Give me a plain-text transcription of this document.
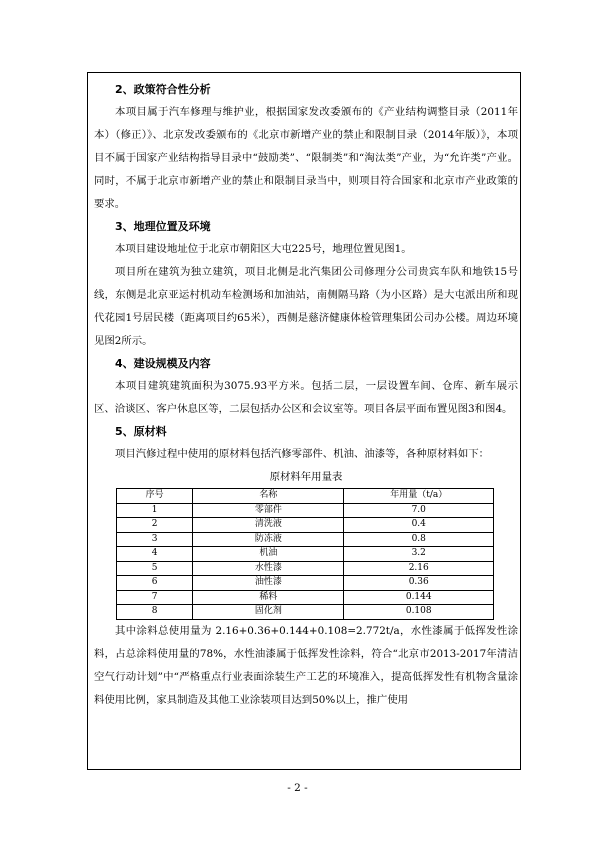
2、政策符合性分析

本项目属于汽车修理与维护业，根据国家发改委颁布的《产业结构调整目录（2011年本）（修正）》、北京发改委颁布的《北京市新增产业的禁止和限制目录（2014年版）》，本项目不属于国家产业结构指导目录中“鼓励类”、“限制类”和“淘汰类”产业，为“允许类”产业。同时，不属于北京市新增产业的禁止和限制目录当中，则项目符合国家和北京市产业政策的要求。

3、地理位置及环境

本项目建设地址位于北京市朝阳区大屯225号，地理位置见图1。

项目所在建筑为独立建筑，项目北侧是北汽集团公司修理分公司贵宾车队和地铁15号线，东侧是北京亚运村机动车检测场和加油站，南侧隔马路（为小区路）是大屯派出所和现代花园1号居民楼（距离项目约65米），西侧是慈济健康体检管理集团公司办公楼。周边环境见图2所示。

4、建设规模及内容

本项目建筑建筑面积为3075.93平方米。包括二层，一层设置车间、仓库、新车展示区、洽谈区、客户休息区等，二层包括办公区和会议室等。项目各层平面布置见图3和图4。

5、原材料

项目汽修过程中使用的原材料包括汽修零部件、机油、油漆等，各种原材料如下：

原材料年用量表

序号	名称	年用量（t/a）
1	零部件	7.0
2	清洗液	0.4
3	防冻液	0.8
4	机油	3.2
5	水性漆	2.16
6	油性漆	0.36
7	稀料	0.144
8	固化剂	0.108

其中涂料总使用量为 2.16+0.36+0.144+0.108=2.772t/a，水性漆属于低挥发性涂料，占总涂料使用量的78%，水性油漆属于低挥发性涂料，符合“北京市2013-2017年清洁空气行动计划”中“严格重点行业表面涂装生产工艺的环境准入，提高低挥发性有机物含量涂料使用比例，家具制造及其他工业涂装项目达到50%以上，推广使用

- 2 -
